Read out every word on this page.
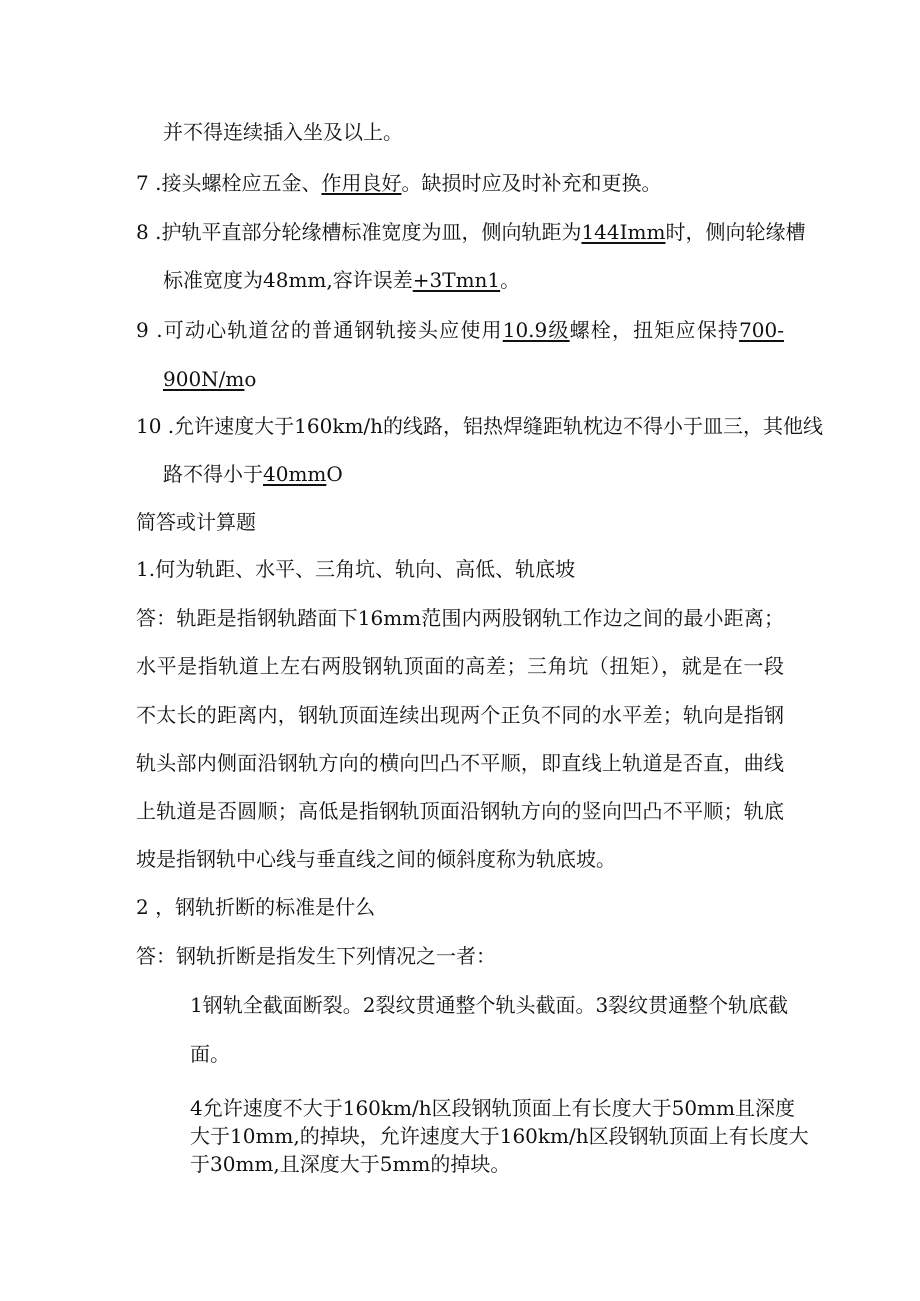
并不得连续插入坐及以上。
7 .接头螺栓应五金、作用良好。缺损时应及时补充和更换。
8 .护轨平直部分轮缘槽标准宽度为皿，侧向轨距为144Imm时，侧向轮缘槽
标准宽度为48mm,容许误差+3Tmn1。
9 .可动心轨道岔的普通钢轨接头应使用10.9级螺栓，扭矩应保持700-
900N∕mo
10 .允许速度大于160km∕h的线路，铝热焊缝距轨枕边不得小于皿三，其他线
路不得小于40mmO
简答或计算题
1.何为轨距、水平、三角坑、轨向、高低、轨底坡
答：轨距是指钢轨踏面下16mm范围内两股钢轨工作边之间的最小距离；
水平是指轨道上左右两股钢轨顶面的高差；三角坑（扭矩），就是在一段
不太长的距离内，钢轨顶面连续出现两个正负不同的水平差；轨向是指钢
轨头部内侧面沿钢轨方向的横向凹凸不平顺，即直线上轨道是否直，曲线
上轨道是否圆顺；高低是指钢轨顶面沿钢轨方向的竖向凹凸不平顺；轨底
坡是指钢轨中心线与垂直线之间的倾斜度称为轨底坡。
2 ，钢轨折断的标准是什么
答：钢轨折断是指发生下列情况之一者：
1钢轨全截面断裂。2裂纹贯通整个轨头截面。3裂纹贯通整个轨底截
面。
4允许速度不大于160km∕h区段钢轨顶面上有长度大于50mm且深度
大于10mm,的掉块，允许速度大于160km∕h区段钢轨顶面上有长度大
于30mm,且深度大于5mm的掉块。
